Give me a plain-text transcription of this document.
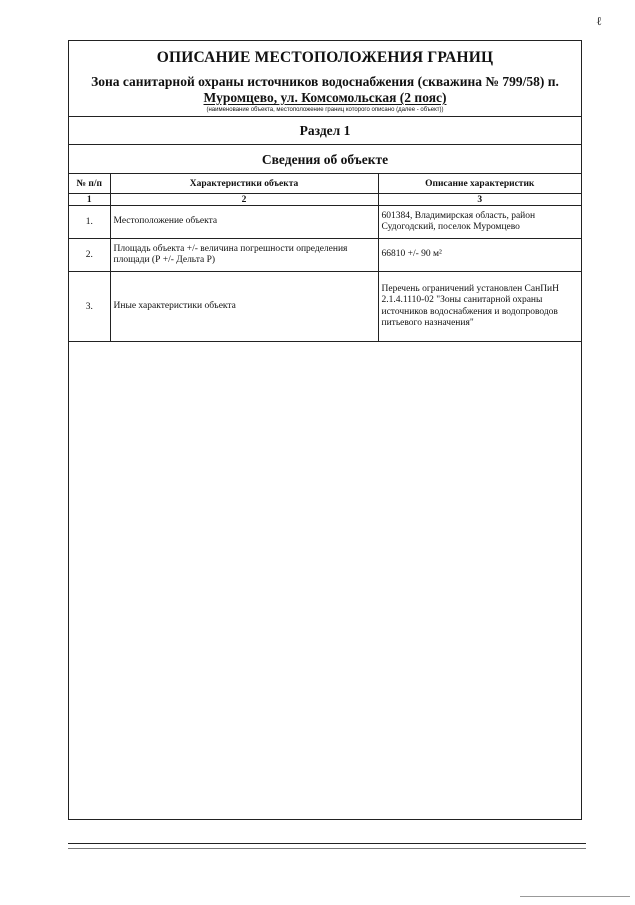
ℓ
ОПИСАНИЕ МЕСТОПОЛОЖЕНИЯ ГРАНИЦ
Зона санитарной охраны источников водоснабжения (скважина № 799/58) п.
Муромцево, ул. Комсомольская (2 пояс)
(наименование объекта, местоположение границ которого описано (далее - объект))
Раздел 1
Сведения об объекте
№ п/п	Характеристики объекта	Описание характеристик
1	2	3
1.	Местоположение объекта	601384, Владимирская область, район Судогодский, поселок Муромцево
2.	Площадь объекта +/- величина погрешности определения площади (Р +/- Дельта Р)	66810 +/- 90 м²
3.	Иные характеристики объекта	Перечень ограничений установлен СанПиН 2.1.4.1110-02 "Зоны санитарной охраны источников водоснабжения и водопроводов питьевого назначения"
